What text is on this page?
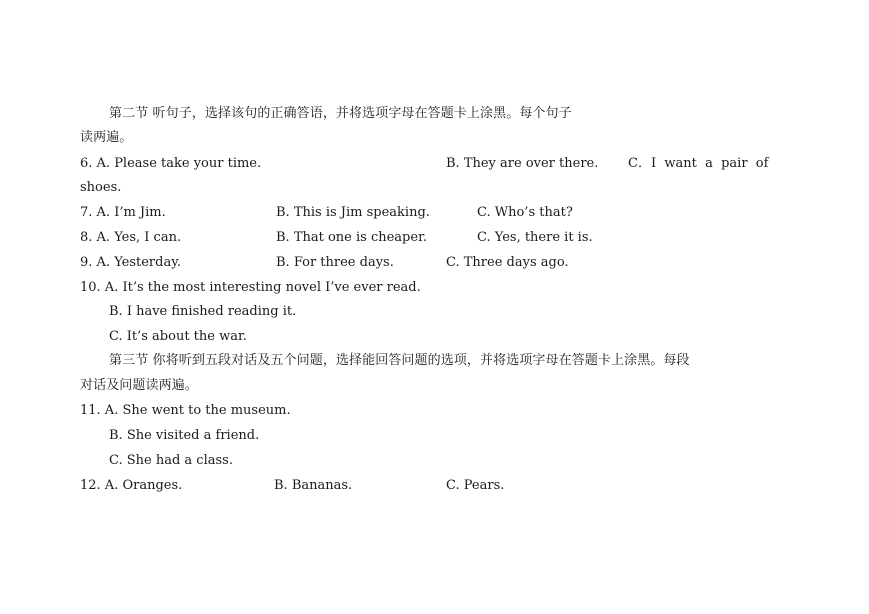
第二节 听句子，选择该句的正确答语，并将选项字母在答题卡上涂黑。每个句子
读两遍。
6. A. Please take your time.	B. They are over there. C．I  want  a  pair  of
shoes.
7. A. I’m Jim.	B. This is Jim speaking.	C. Who’s that?
8. A. Yes, I can.	B. That one is cheaper.	C. Yes, there it is.
9. A. Yesterday.	B. For three days.	C. Three days ago.
10. A. It’s the most interesting novel I’ve ever read.
B. I have finished reading it.
C. It’s about the war.
第三节 你将听到五段对话及五个问题，选择能回答问题的选项，并将选项字母在答题卡上涂黑。每段
对话及问题读两遍。
11. A. She went to the museum.
B. She visited a friend.
C. She had a class.
12. A. Oranges.	B. Bananas.	C. Pears.
